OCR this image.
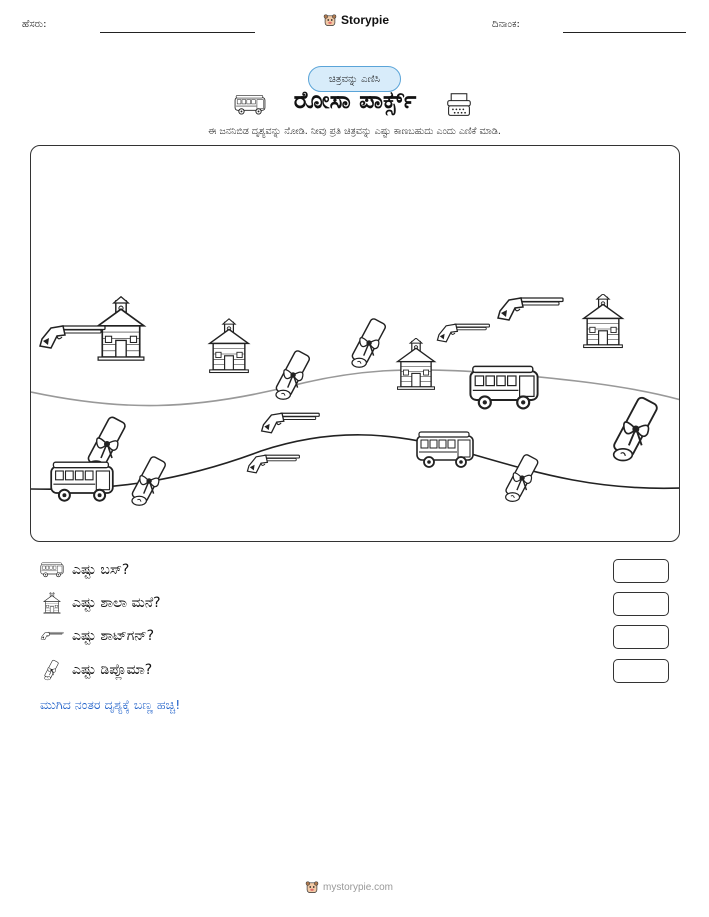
ಹೆಸರು:	Storypie	ದಿನಾಂಕ:
ಚಿತ್ರವನ್ನು ಎಣಿಸಿ
ರೋಸಾ ಪಾರ್ಕ್ಸ್
ಈ ಜನನಿಬಿಡ ದೃಶ್ಯವನ್ನು ನೋಡಿ. ನೀವು ಪ್ರತಿ ಚಿತ್ರವನ್ನು ಎಷ್ಟು ಕಾಣಬಹುದು ಎಂದು ಎಣಿಕೆ ಮಾಡಿ.
ಎಷ್ಟು ಬಸ್?
ಎಷ್ಟು ಶಾಲಾ ಮನೆ?
ಎಷ್ಟು ಶಾಟ್‌ಗನ್?
ಎಷ್ಟು ಡಿಪ್ಲೊಮಾ?
ಮುಗಿದ ನಂತರ ದೃಶ್ಯಕ್ಕೆ ಬಣ್ಣ ಹಚ್ಚಿ!
mystorypie.com
